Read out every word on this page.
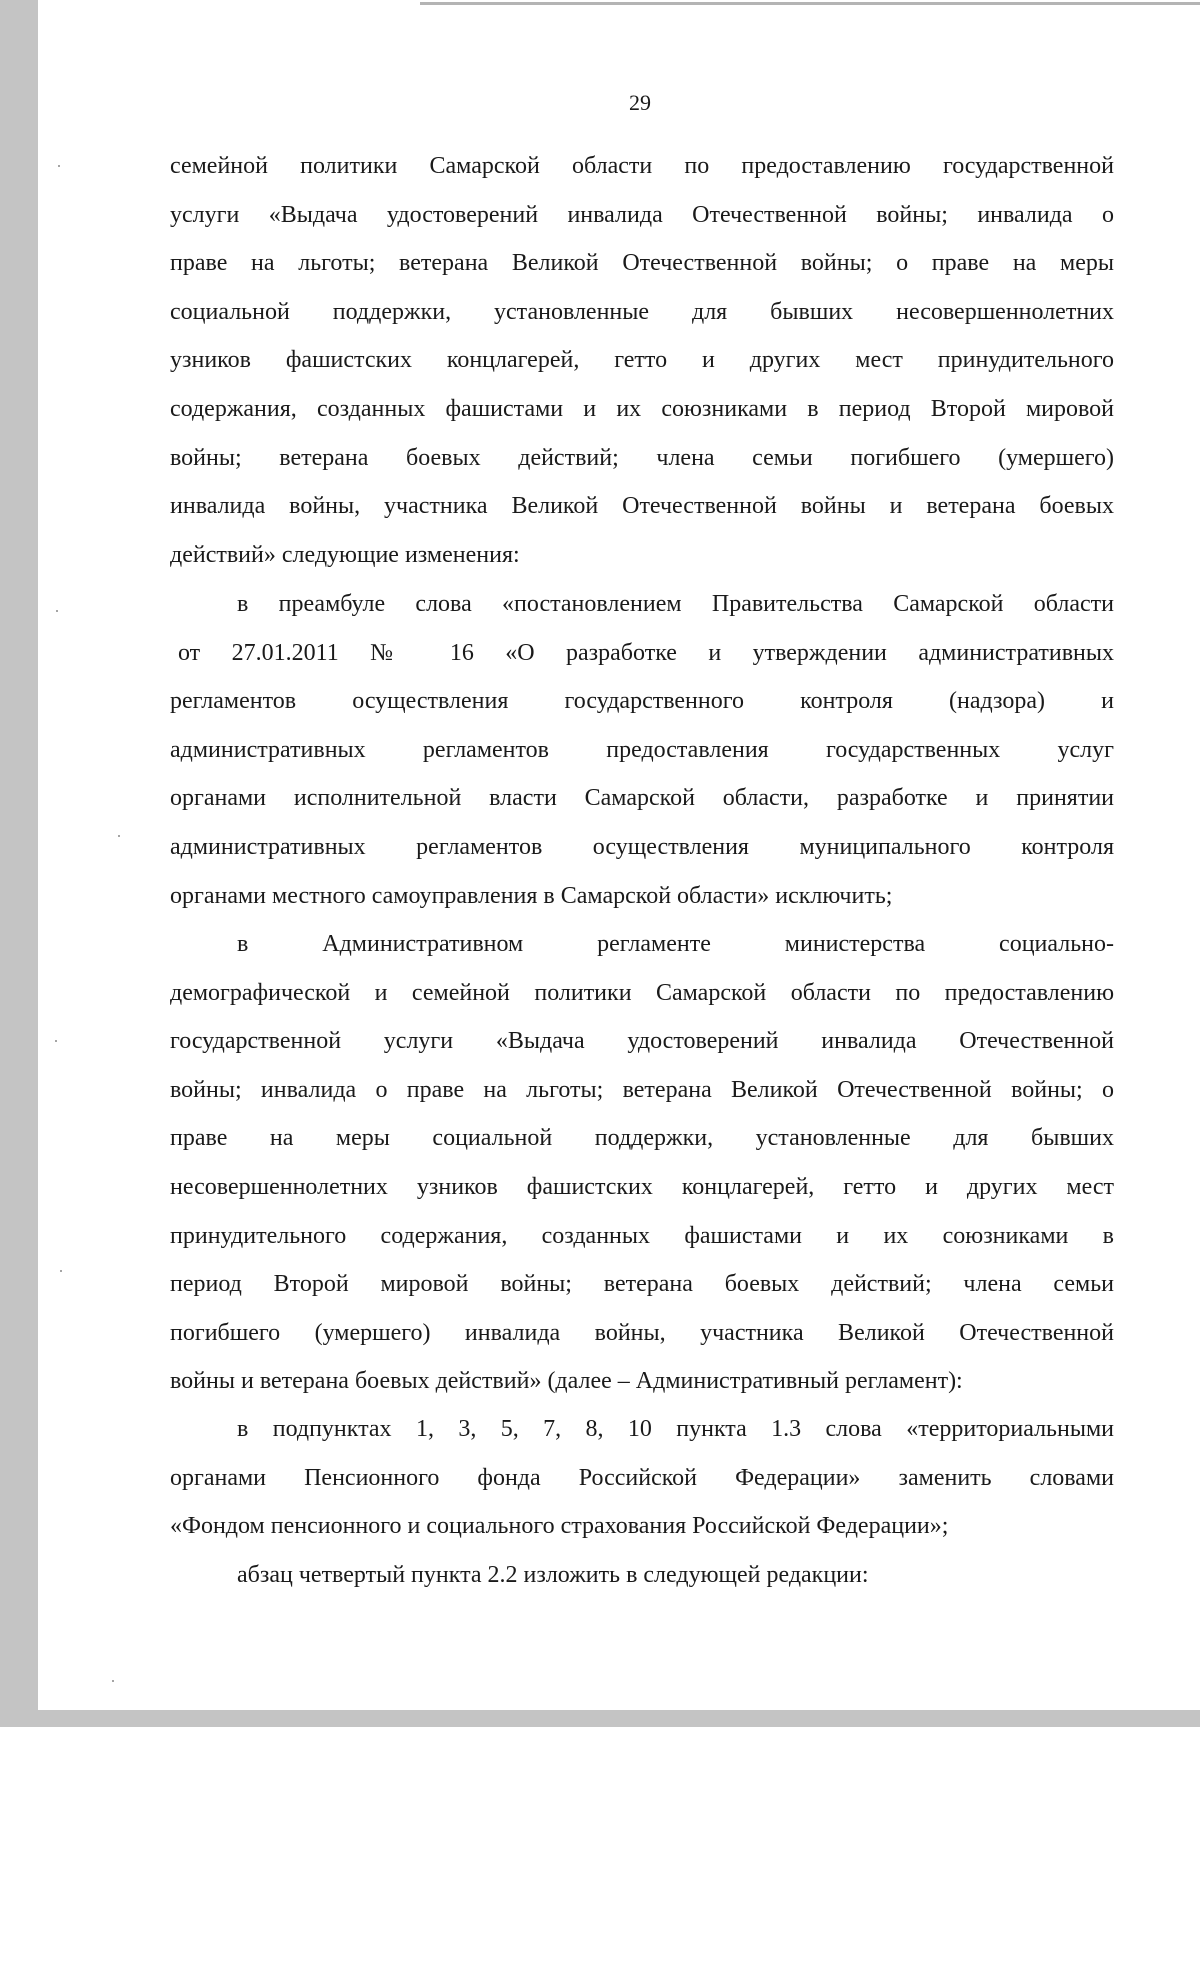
29
семейной политики Самарской области по предоставлению государственной
услуги «Выдача удостоверений инвалида Отечественной войны; инвалида о
праве на льготы; ветерана Великой Отечественной войны; о праве на меры
социальной поддержки, установленные для бывших несовершеннолетних
узников фашистских концлагерей, гетто и других мест принудительного
содержания, созданных фашистами и их союзниками в период Второй мировой
войны; ветерана боевых действий; члена семьи погибшего (умершего)
инвалида войны, участника Великой Отечественной войны и ветерана боевых
действий» следующие изменения:
в преамбуле слова «постановлением Правительства Самарской области
от 27.01.2011 № 16 «О разработке и утверждении административных
регламентов осуществления государственного контроля (надзора) и
административных регламентов предоставления государственных услуг
органами исполнительной власти Самарской области, разработке и принятии
административных регламентов осуществления муниципального контроля
органами местного самоуправления в Самарской области» исключить;
в Административном регламенте министерства социально-
демографической и семейной политики Самарской области по предоставлению
государственной услуги «Выдача удостоверений инвалида Отечественной
войны; инвалида о праве на льготы; ветерана Великой Отечественной войны; о
праве на меры социальной поддержки, установленные для бывших
несовершеннолетних узников фашистских концлагерей, гетто и других мест
принудительного содержания, созданных фашистами и их союзниками в
период Второй мировой войны; ветерана боевых действий; члена семьи
погибшего (умершего) инвалида войны, участника Великой Отечественной
войны и ветерана боевых действий» (далее – Административный регламент):
в подпунктах 1, 3, 5, 7, 8, 10 пункта 1.3 слова «территориальными
органами Пенсионного фонда Российской Федерации» заменить словами
«Фондом пенсионного и социального страхования Российской Федерации»;
абзац четвертый пункта 2.2 изложить в следующей редакции:
